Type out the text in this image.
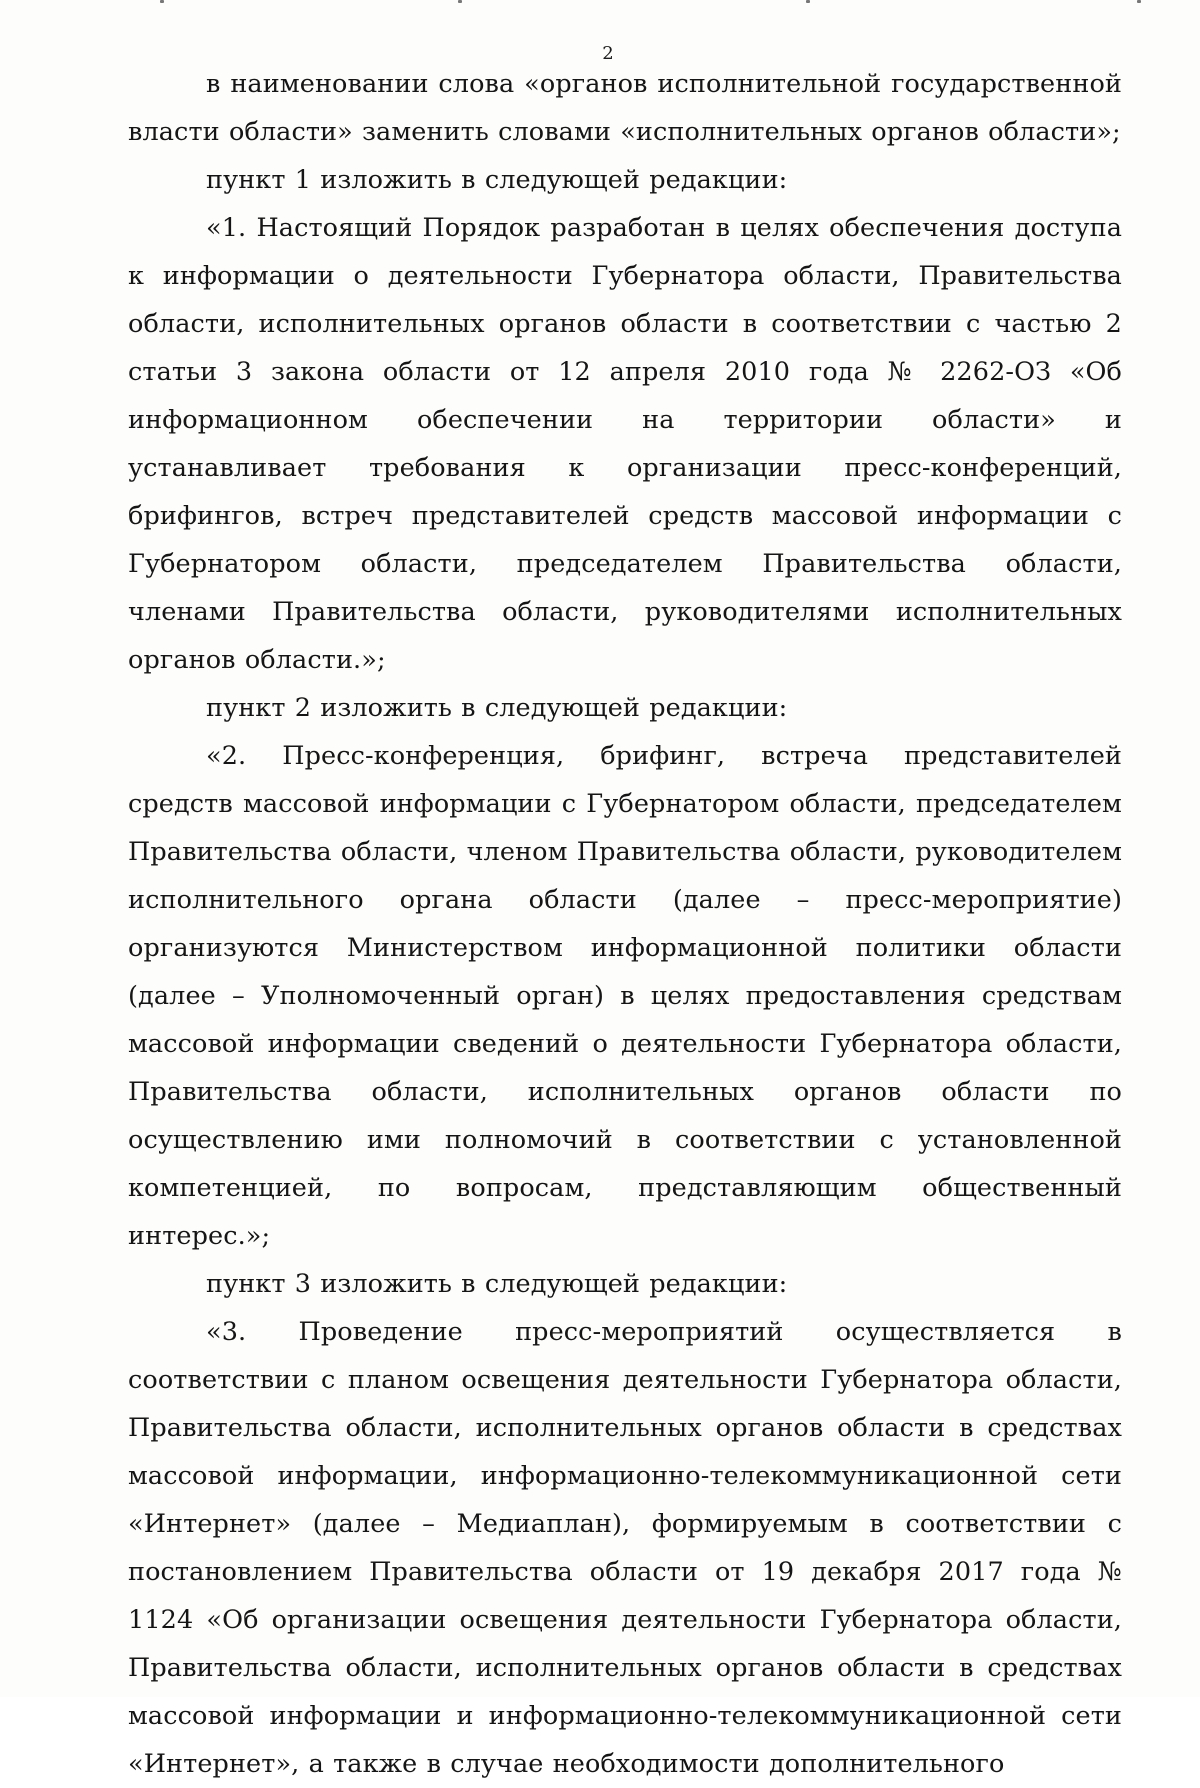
2

в наименовании слова «органов исполнительной государственной власти области» заменить словами «исполнительных органов области»;

пункт 1 изложить в следующей редакции:

«1. Настоящий Порядок разработан в целях обеспечения доступа к информации о деятельности Губернатора области, Правительства области, исполнительных органов области в соответствии с частью 2 статьи 3 закона области от 12 апреля 2010 года № 2262-ОЗ «Об информационном обеспечении на территории области» и устанавливает требования к организации пресс-конференций, брифингов, встреч представителей средств массовой информации с Губернатором области, председателем Правительства области, членами Правительства области, руководителями исполнительных органов области.»;

пункт 2 изложить в следующей редакции:

«2. Пресс-конференция, брифинг, встреча представителей средств массовой информации с Губернатором области, председателем Правительства области, членом Правительства области, руководителем исполнительного органа области (далее – пресс-мероприятие) организуются Министерством информационной политики области (далее – Уполномоченный орган) в целях предоставления средствам массовой информации сведений о деятельности Губернатора области, Правительства области, исполнительных органов области по осуществлению ими полномочий в соответствии с установленной компетенцией, по вопросам, представляющим общественный интерес.»;

пункт 3 изложить в следующей редакции:

«3. Проведение пресс-мероприятий осуществляется в соответствии с планом освещения деятельности Губернатора области, Правительства области, исполнительных органов области в средствах массовой информации, информационно-телекоммуникационной сети «Интернет» (далее – Медиаплан), формируемым в соответствии с постановлением Правительства области от 19 декабря 2017 года № 1124 «Об организации освещения деятельности Губернатора области, Правительства области, исполнительных органов области в средствах массовой информации и информационно-телекоммуникационной сети «Интернет», а также в случае необходимости дополнительного
